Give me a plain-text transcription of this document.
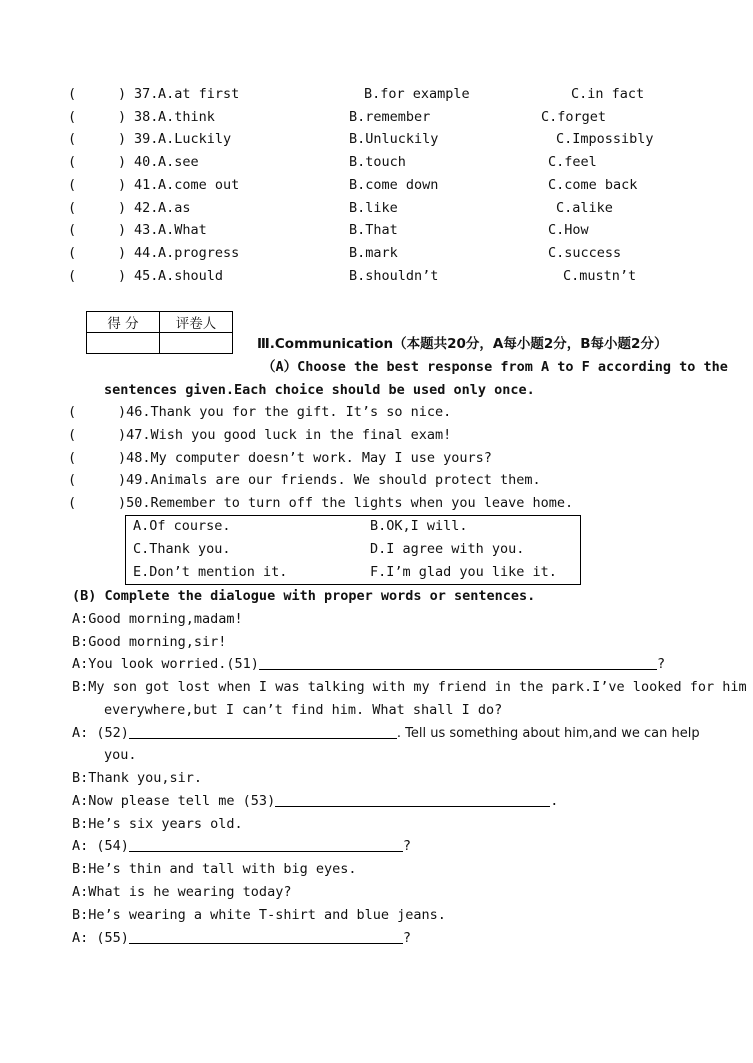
(	) 37. A.at first	B.for example	C.in fact
(	) 38. A.think	B.remember	C.forget
(	) 39. A.Luckily	B.Unluckily	C.Impossibly
(	) 40. A.see	B.touch	C.feel
(	) 41. A.come out	B.come down	C.come back
(	) 42. A.as	B.like	C.alike
(	) 43. A.What	B.That	C.How
(	) 44. A.progress	B.mark	C.success
(	) 45. A.should	B.shouldn’t	C.mustn’t
得 分	评卷人

Ⅲ.Communication（本题共20分，A每小题2分，B每小题2分）
（A）Choose the best response from A to F according to the
sentences given.Each choice should be used only once.
(	)46.Thank you for the gift. It’s so nice.
(	)47.Wish you good luck in the final exam!
(	)48.My computer doesn’t work. May I use yours?
(	)49.Animals are our friends. We should protect them.
(	)50.Remember to turn off the lights when you leave home.
A.Of course.	B.OK,I will.
C.Thank you.	D.I agree with you.
E.Don’t mention it.	F.I’m glad you like it.
(B) Complete the dialogue with proper words or sentences.
A:Good morning,madam!
B:Good morning,sir!
A:You look worried.(51)	?
B:My son got lost when I was talking with my friend in the park.I’ve looked for him
everywhere,but I can’t find him. What shall I do?
A: (52)	. Tell us something about him,and we can help
you.
B:Thank you,sir.
A:Now please tell me (53)	.
B:He’s six years old.
A: (54)	?
B:He’s thin and tall with big eyes.
A:What is he wearing today?
B:He’s wearing a white T-shirt and blue jeans.
A: (55)	?
